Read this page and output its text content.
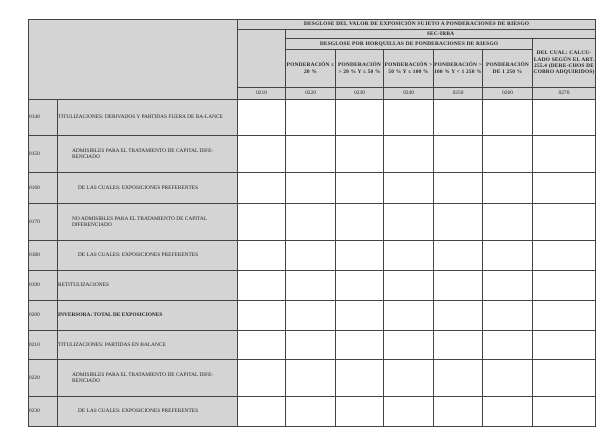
		DESGLOSE DEL VALOR DE EXPOSICIÓN SUJETO A PONDERACIONES DE RIESGO						
			SEC-IRBA					
			DESGLOSE POR HORQUILLAS DE PONDERACIONES DE RIESGO					DEL CUAL: CALCU-LADO SEGÚN EL ART. 255.4 (DERE-CHOS DE COBRO ADQUIRIDOS)
			PONDERACIÓN ≤ 20 %	PONDERACIÓN > 20 % Y ≤ 50 %	PONDERACIÓN > 50 % Y ≤ 100 %	PONDERACIÓN > 100 % Y < 1 250 %	PONDERACIÓN DE 1 250 %	
		0210	0220	0230	0240	0250	0260	0270
0140	TITULIZACIONES: DERIVADOS Y PARTIDAS FUERA DE BA-LANCE							
0150	ADMISIBLES PARA EL TRATAMIENTO DE CAPITAL DIFE-RENCIADO							
0160	DE LAS CUALES: EXPOSICIONES PREFERENTES							
0170	NO ADMISIBLES PARA EL TRATAMIENTO DE CAPITAL DIFERENCIADO							
0180	DE LAS CUALES: EXPOSICIONES PREFERENTES							
0190	RETITULIZACIONES							
0200	INVERSORA: TOTAL DE EXPOSICIONES							
0210	TITULIZACIONES: PARTIDAS EN BALANCE							
0220	ADMISIBLES PARA EL TRATAMIENTO DE CAPITAL DIFE-RENCIADO							
0230	DE LAS CUALES: EXPOSICIONES PREFERENTES							
